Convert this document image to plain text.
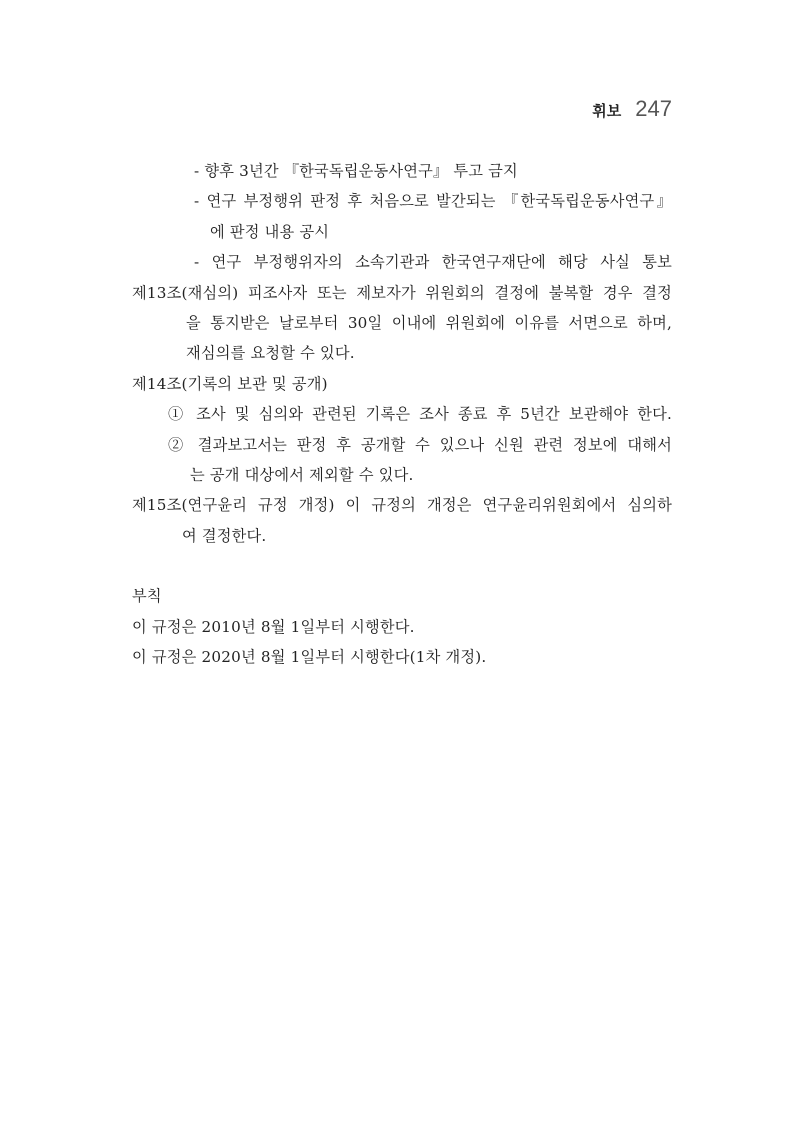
휘보 247
- 향후 3년간 『한국독립운동사연구』 투고 금지
- 연구 부정행위 판정 후 처음으로 발간되는 『한국독립운동사연구』
에 판정 내용 공시
- 연구 부정행위자의 소속기관과 한국연구재단에 해당 사실 통보
제13조(재심의) 피조사자 또는 제보자가 위원회의 결정에 불복할 경우 결정
을 통지받은 날로부터 30일 이내에 위원회에 이유를 서면으로 하며,
재심의를 요청할 수 있다.
제14조(기록의 보관 및 공개)
① 조사 및 심의와 관련된 기록은 조사 종료 후 5년간 보관해야 한다.
② 결과보고서는 판정 후 공개할 수 있으나 신원 관련 정보에 대해서
는 공개 대상에서 제외할 수 있다.
제15조(연구윤리 규정 개정) 이 규정의 개정은 연구윤리위원회에서 심의하
여 결정한다.
부칙
이 규정은 2010년 8월 1일부터 시행한다.
이 규정은 2020년 8월 1일부터 시행한다(1차 개정).
